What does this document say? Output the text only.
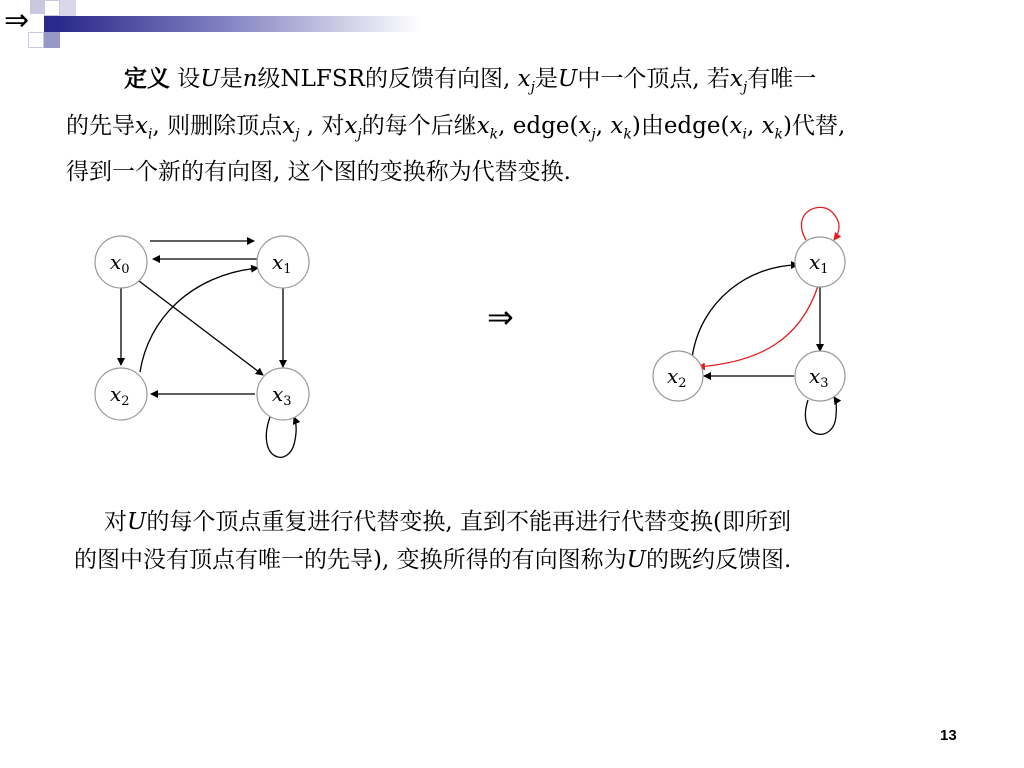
⇒
定义 设U是n级NLFSR的反馈有向图, $x_j$是U中一个顶点, 若$x_j$有唯一
的先导$x_i$, 则删除顶点$x_j$ , 对$x_j$的每个后继$x_k$, $edge(x_j$, $x_k$)由$edge(x_i$, $x_k$)代替,
得到一个新的有向图, 这个图的变换称为代替变换.
$x_0$	$x_1$
$x_2$	$x_3$
$x_1$
$x_2$	$x_3$
⇒
对U的每个顶点重复进行代替变换, 直到不能再进行代替变换(即所到
的图中没有顶点有唯一的先导), 变换所得的有向图称为U的既约反馈图.
13
